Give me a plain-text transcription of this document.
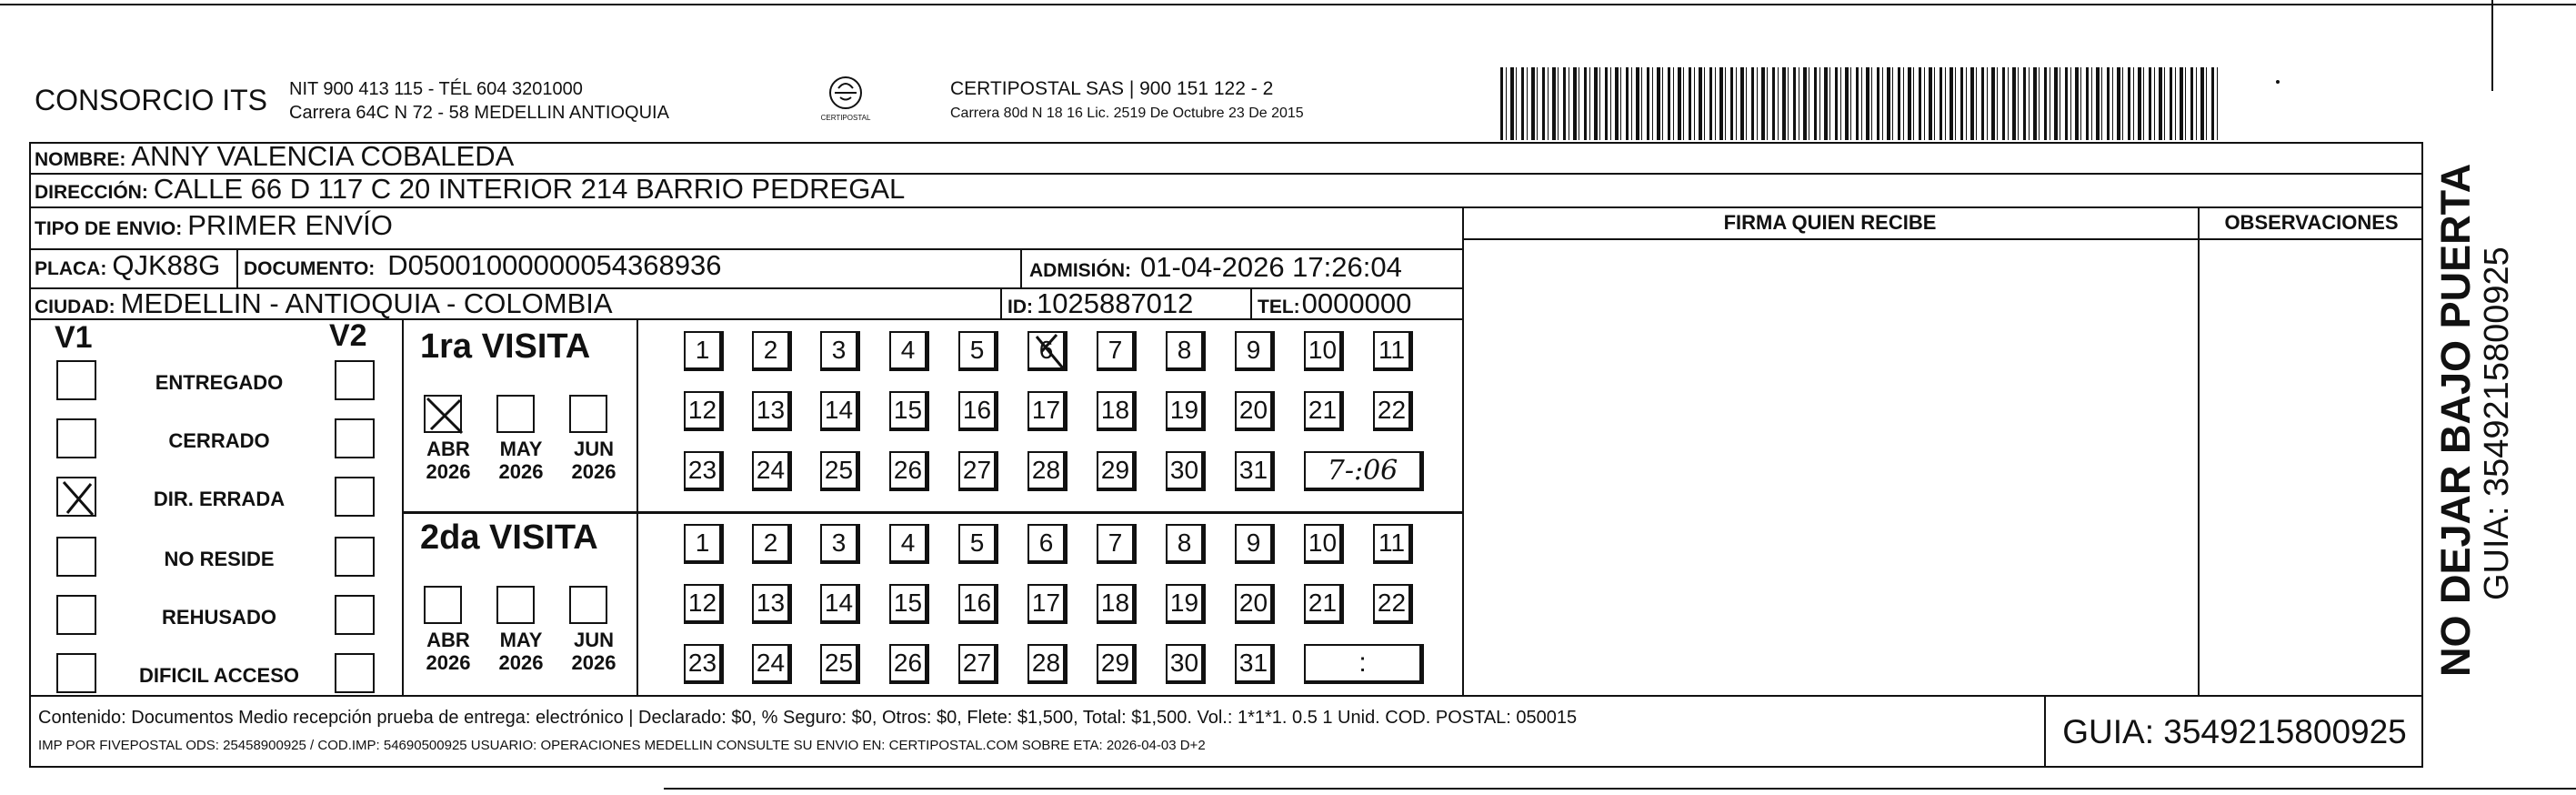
CONSORCIO ITS NIT 900 413 115 - TÉL 604 3201000
Carrera 64C N 72 - 58 MEDELLIN ANTIOQUIA	CERTIPOSTAL
CERTIPOSTAL SAS | 900 151 122 - 2
Carrera 80d N 18 16 Lic. 2519 De Octubre 23 De 2015
NOMBRE: ANNY VALENCIA COBALEDA
DIRECCIÓN: CALLE 66 D 117 C 20 INTERIOR 214 BARRIO PEDREGAL
TIPO DE ENVIO: PRIMER ENVÍO
PLACA: QJK88G DOCUMENTO: D05001000000054368936	ADMISIÓN: 01-04-2026 17:26:04
CIUDAD: MEDELLIN - ANTIOQUIA - COLOMBIA	ID: 1025887012	TEL: 0000000
FIRMA QUIEN RECIBE	OBSERVACIONES
V1	V2
ENTREGADO
CERRADO
DIR. ERRADA
NO RESIDE
REHUSADO
DIFICIL ACCESO
1ra VISITA
2da VISITA
ABR
2026
MAY
2026
JUN
2026
ABR
2026
MAY
2026
JUN
2026
1	2	3	4	5	6	7	8	9	10 11
12 13 14 15 16 17 18 19 20 21 22
23 24 25 26 27 28 29 30 31	7-:06
1	2	3	4	5	6	7	8	9	10 11
12 13 14 15 16 17 18 19 20 21 22
23 24 25 26 27 28 29 30 31	:
Contenido: Documentos Medio recepción prueba de entrega: electrónico | Declarado: $0, % Seguro: $0, Otros: $0, Flete: $1,500, Total: $1,500. Vol.: 1*1*1. 0.5 1 Unid. COD. POSTAL: 050015
IMP POR FIVEPOSTAL ODS: 25458900925 / COD.IMP: 54690500925 USUARIO: OPERACIONES MEDELLIN CONSULTE SU ENVIO EN: CERTIPOSTAL.COM SOBRE ETA: 2026-04-03 D+2	GUIA: 3549215800925
NO DEJAR BAJO PUERTA GUIA: 3549215800925
